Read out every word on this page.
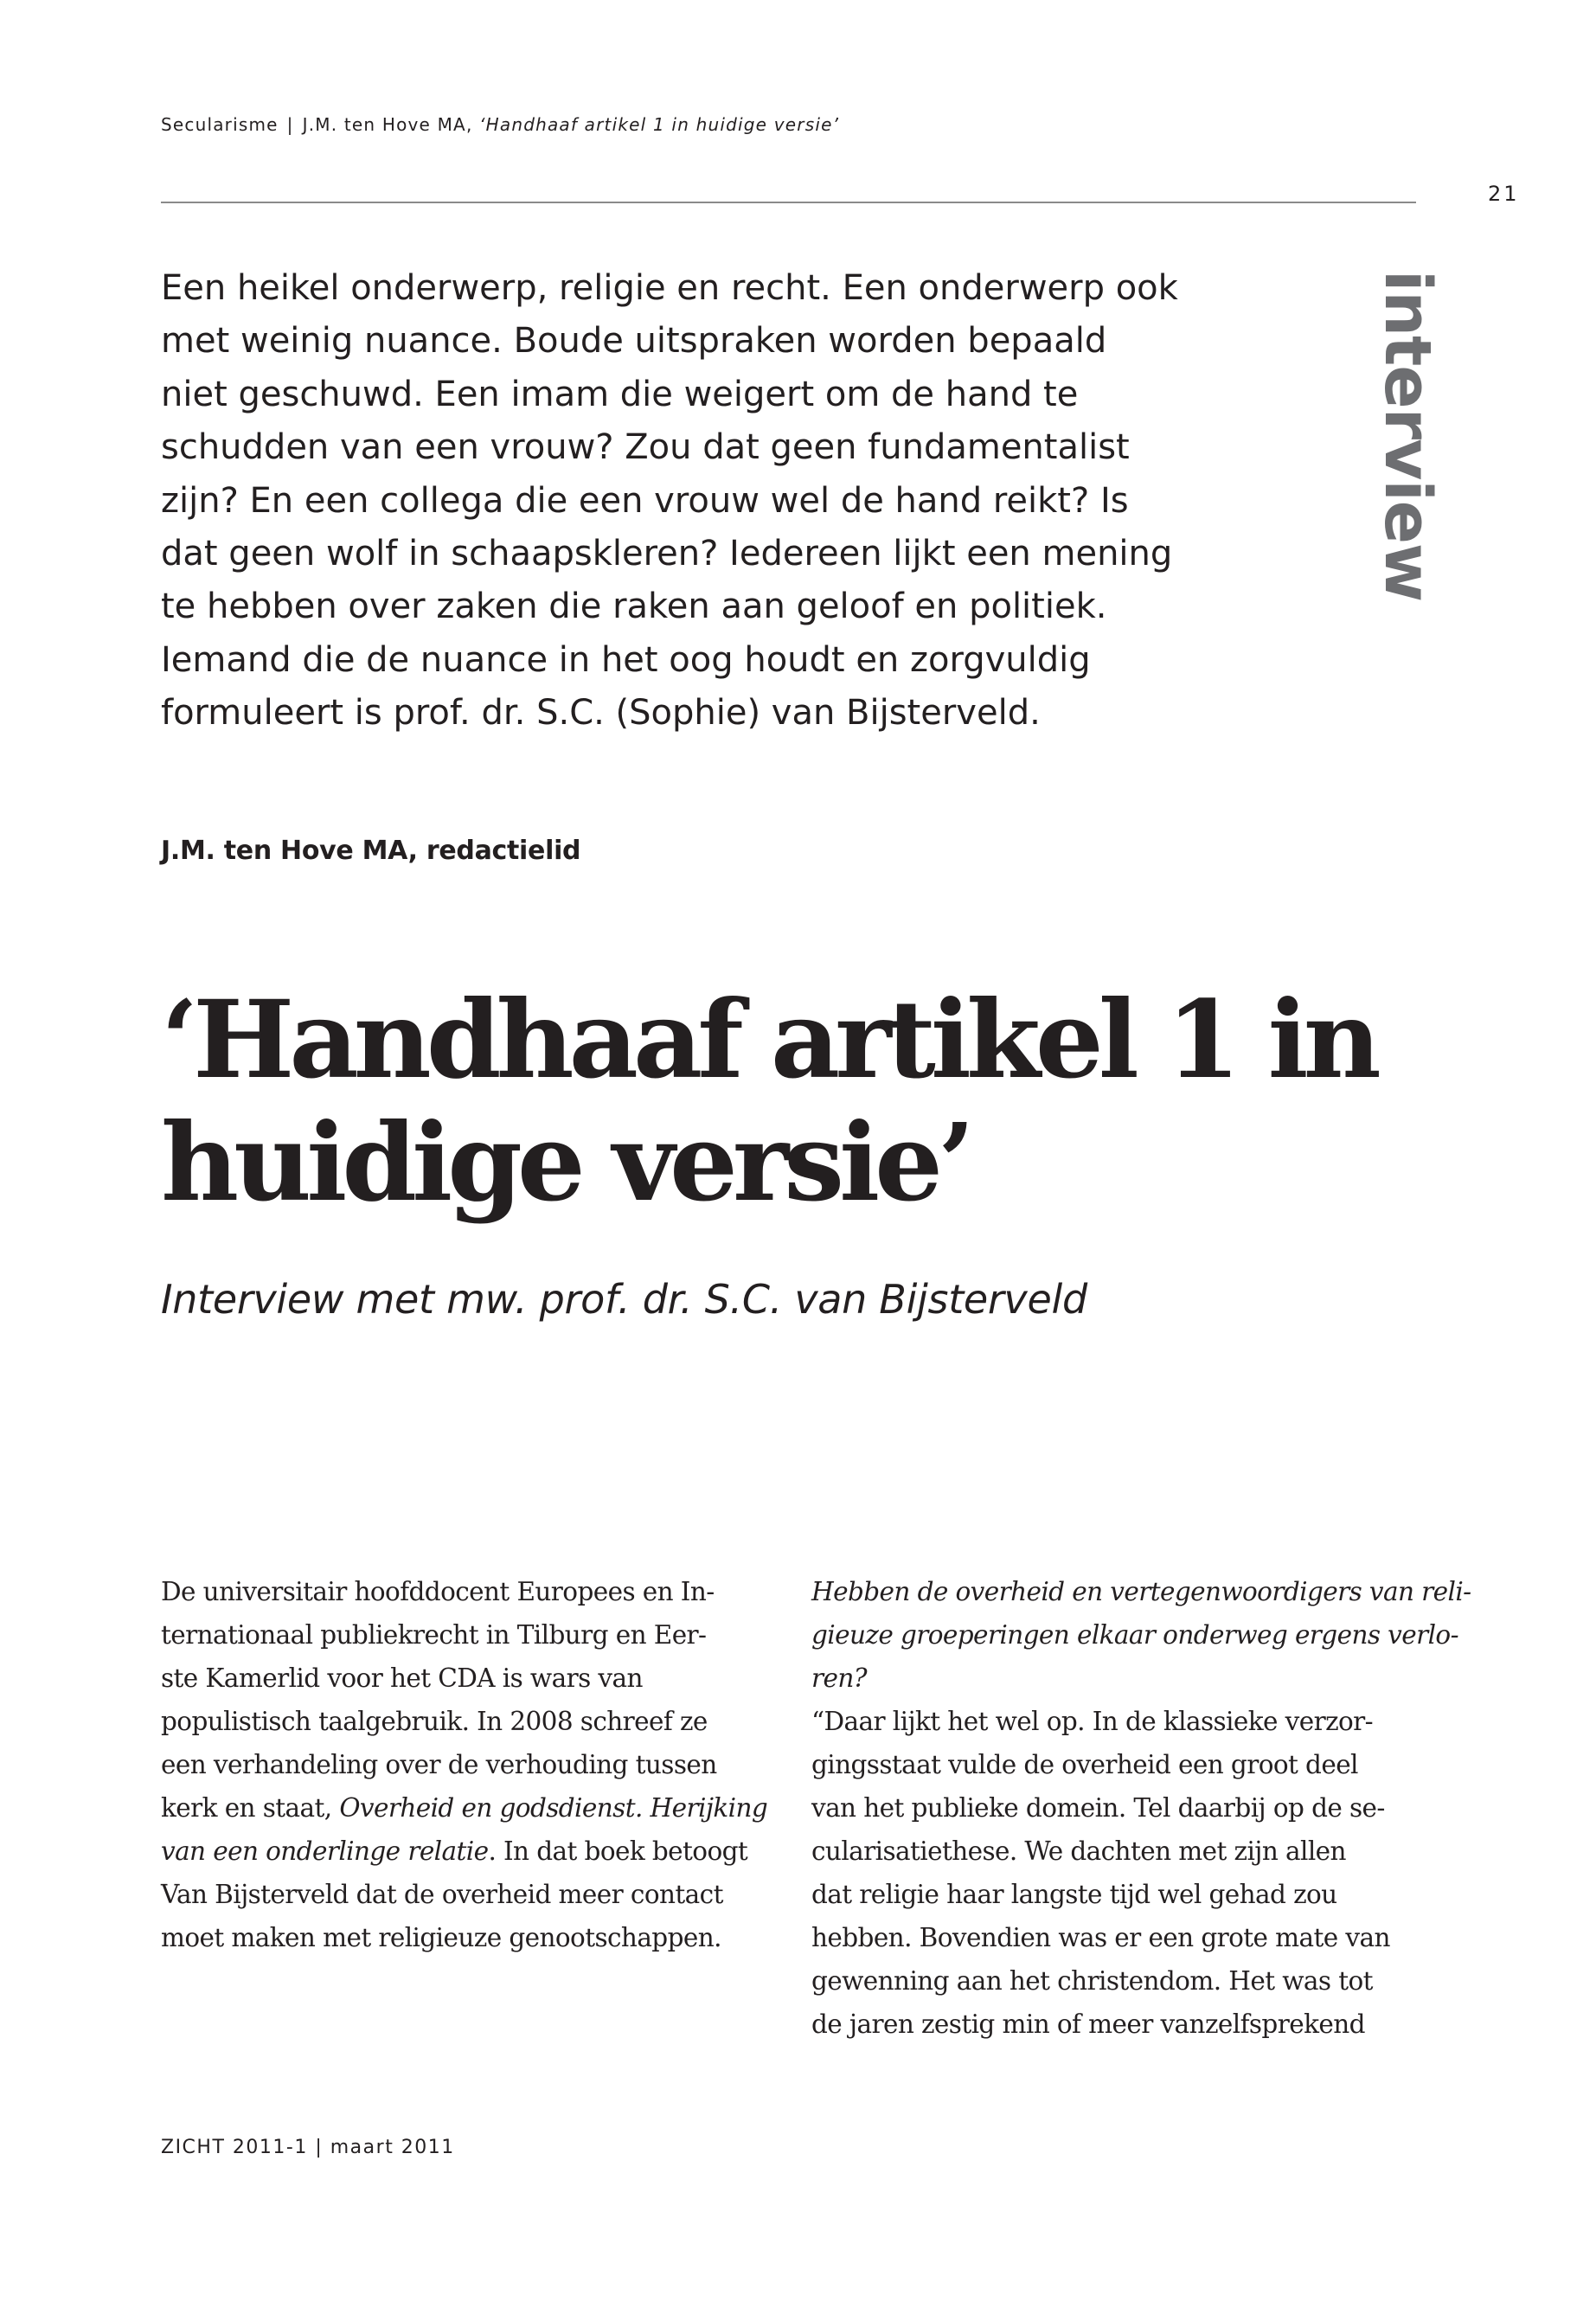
Secularisme | J.M. ten Hove MA, ‘Handhaaf artikel 1 in huidige versie’
21
interview
Een heikel onderwerp, religie en recht. Een onderwerp ook
met weinig nuance. Boude uitspraken worden bepaald
niet geschuwd. Een imam die weigert om de hand te
schudden van een vrouw? Zou dat geen fundamentalist
zijn? En een collega die een vrouw wel de hand reikt? Is
dat geen wolf in schaapskleren? Iedereen lijkt een mening
te hebben over zaken die raken aan geloof en politiek.
Iemand die de nuance in het oog houdt en zorgvuldig
formuleert is prof. dr. S.C. (Sophie) van Bijsterveld.
J.M. ten Hove MA, redactielid
‘Handhaaf artikel 1 in
huidige versie’
Interview met mw. prof. dr. S.C. van Bijsterveld
De universitair hoofddocent Europees en In-
ternationaal publiekrecht in Tilburg en Eer-
ste Kamerlid voor het CDA is wars van
populistisch taalgebruik. In 2008 schreef ze
een verhandeling over de verhouding tussen
kerk en staat, Overheid en godsdienst. Herijking
van een onderlinge relatie. In dat boek betoogt
Van Bijsterveld dat de overheid meer contact
moet maken met religieuze genootschappen.
Hebben de overheid en vertegenwoordigers van reli-
gieuze groeperingen elkaar onderweg ergens verlo-
ren?
“Daar lijkt het wel op. In de klassieke verzor-
gingsstaat vulde de overheid een groot deel
van het publieke domein. Tel daarbij op de se-
cularisatiethese. We dachten met zijn allen
dat religie haar langste tijd wel gehad zou
hebben. Bovendien was er een grote mate van
gewenning aan het christendom. Het was tot
de jaren zestig min of meer vanzelfsprekend
ZICHT 2011-1 | maart 2011
